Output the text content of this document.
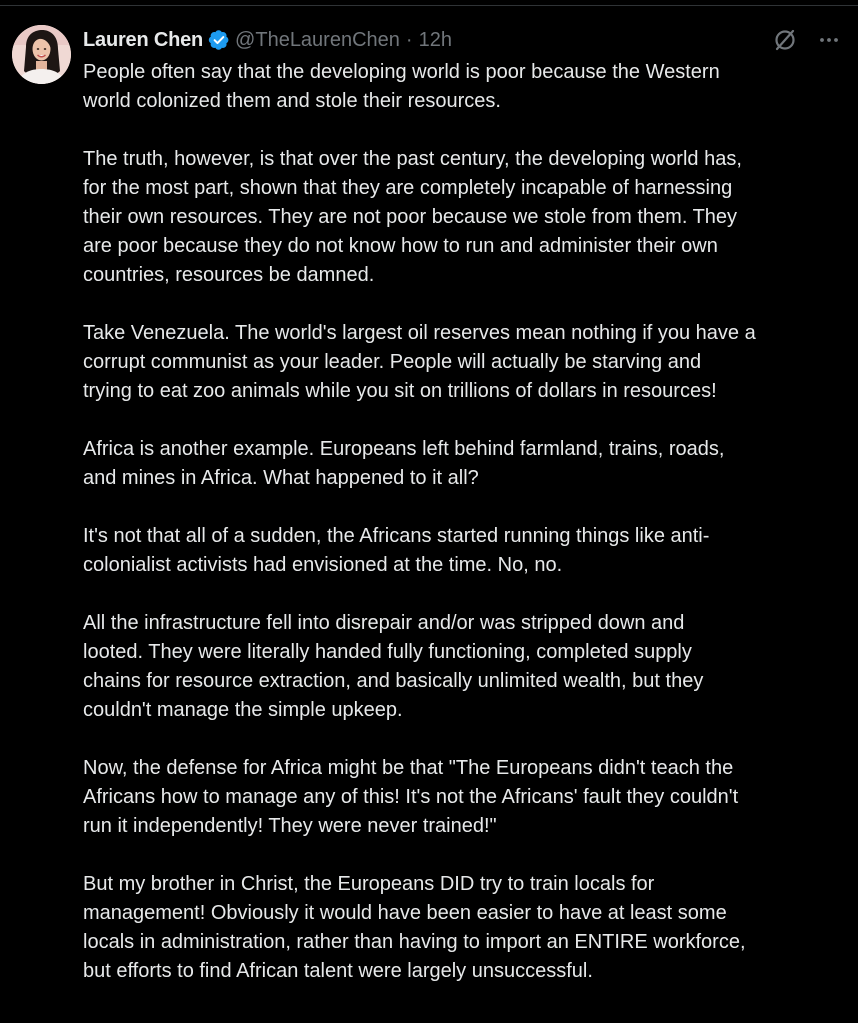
Lauren Chen @TheLaurenChen · 12h

People often say that the developing world is poor because the Western
world colonized them and stole their resources.

The truth, however, is that over the past century, the developing world has,
for the most part, shown that they are completely incapable of harnessing
their own resources. They are not poor because we stole from them. They
are poor because they do not know how to run and administer their own
countries, resources be damned.

Take Venezuela. The world's largest oil reserves mean nothing if you have a
corrupt communist as your leader. People will actually be starving and
trying to eat zoo animals while you sit on trillions of dollars in resources!

Africa is another example. Europeans left behind farmland, trains, roads,
and mines in Africa. What happened to it all?

It's not that all of a sudden, the Africans started running things like anti-
colonialist activists had envisioned at the time. No, no.

All the infrastructure fell into disrepair and/or was stripped down and
looted. They were literally handed fully functioning, completed supply
chains for resource extraction, and basically unlimited wealth, but they
couldn't manage the simple upkeep.

Now, the defense for Africa might be that "The Europeans didn't teach the
Africans how to manage any of this! It's not the Africans' fault they couldn't
run it independently! They were never trained!"

But my brother in Christ, the Europeans DID try to train locals for
management! Obviously it would have been easier to have at least some
locals in administration, rather than having to import an ENTIRE workforce,
but efforts to find African talent were largely unsuccessful.
